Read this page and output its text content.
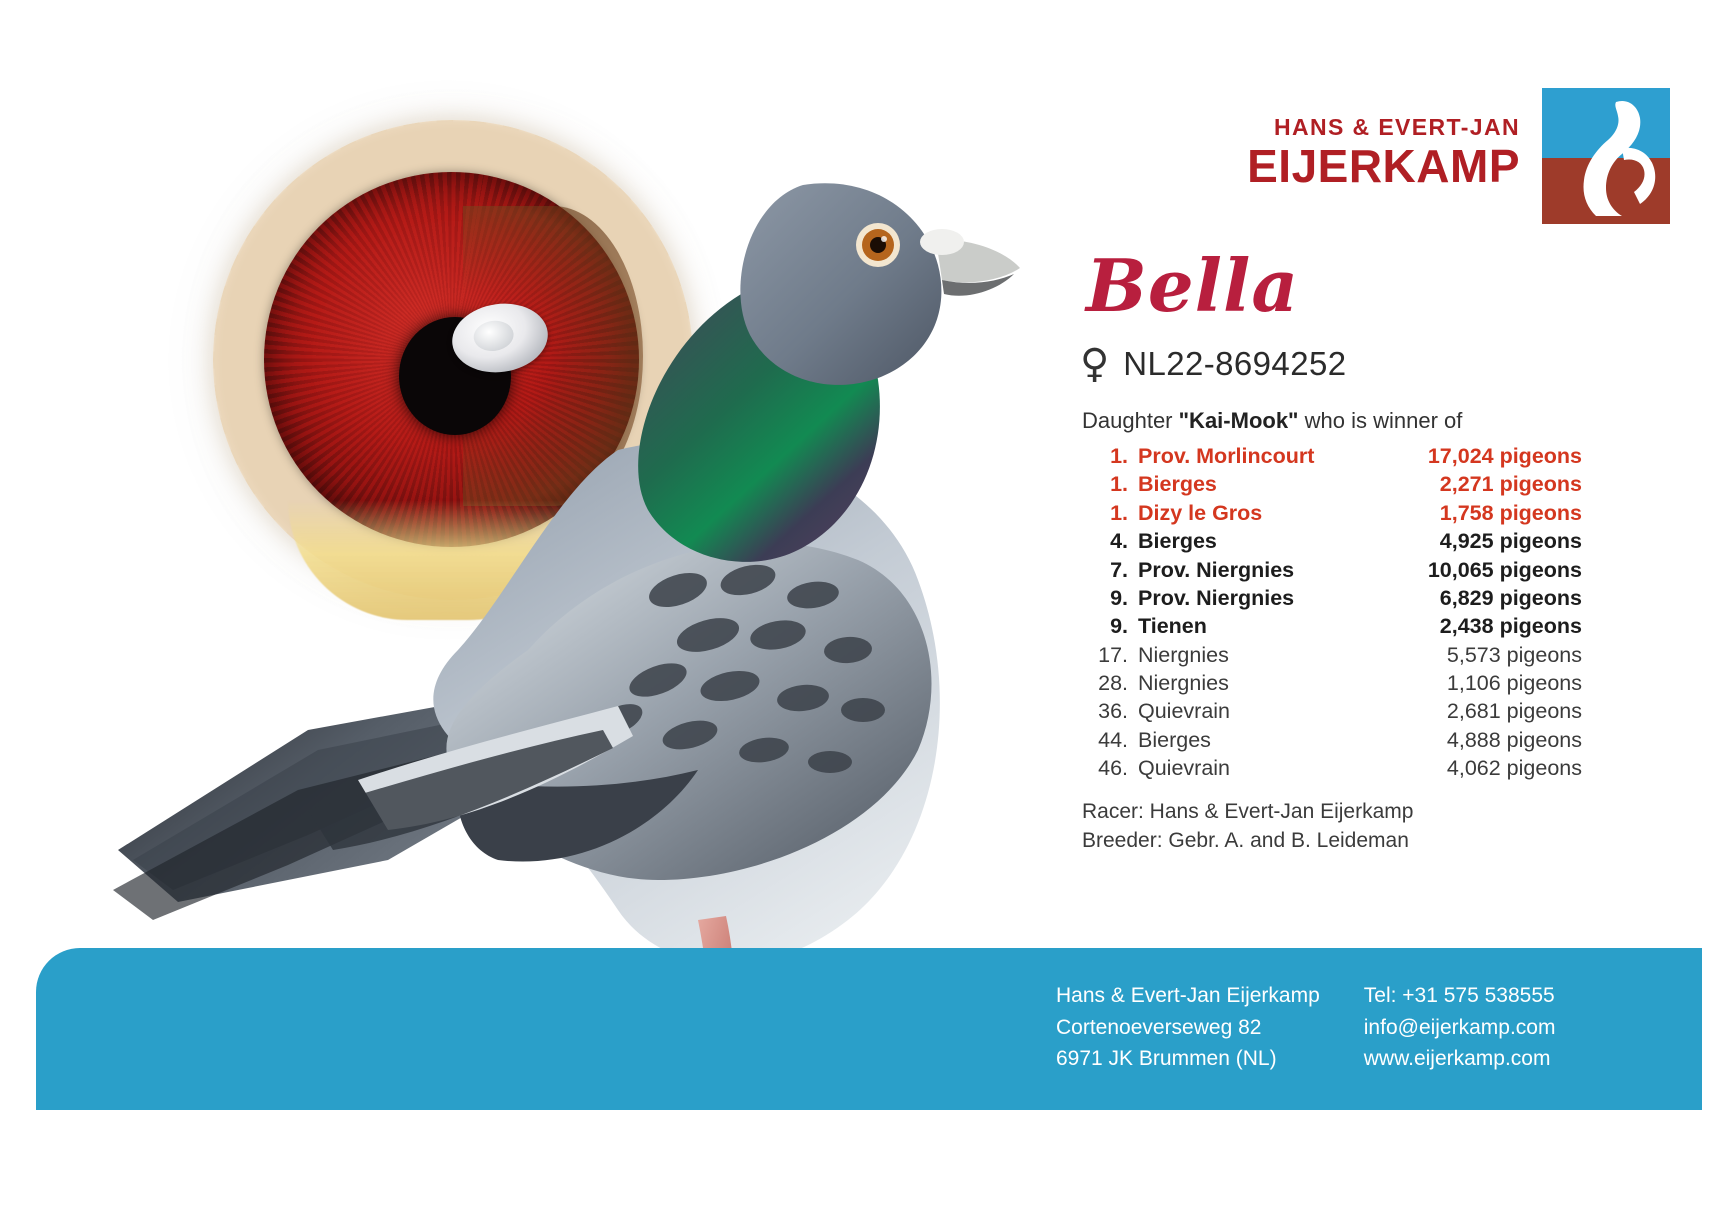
HANS & EVERT-JAN
EIJERKAMP
Bella
♀ NL22-8694252
Daughter "Kai-Mook" who is winner of
1. Prov. Morlincourt	17,024 pigeons
1. Bierges	2,271 pigeons
1. Dizy le Gros	1,758 pigeons
4. Bierges	4,925 pigeons
7. Prov. Niergnies	10,065 pigeons
9. Prov. Niergnies	6,829 pigeons
9. Tienen	2,438 pigeons
17. Niergnies	5,573 pigeons
28. Niergnies	1,106 pigeons
36. Quievrain	2,681 pigeons
44. Bierges	4,888 pigeons
46. Quievrain	4,062 pigeons
Racer: Hans & Evert-Jan Eijerkamp
Breeder: Gebr. A. and B. Leideman
Hans & Evert-Jan Eijerkamp
Cortenoeverseweg 82
6971 JK Brummen (NL)
Tel: +31 575 538555
info@eijerkamp.com
www.eijerkamp.com
